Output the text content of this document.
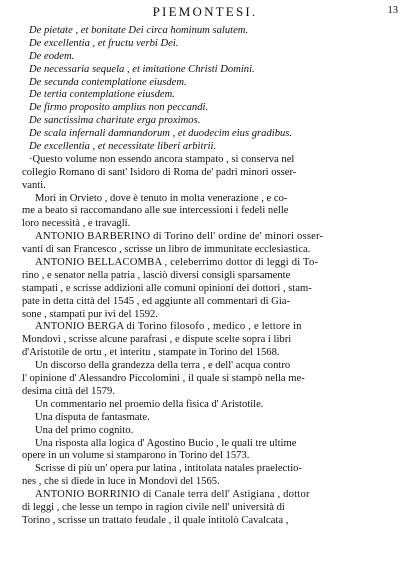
PIEMONTESI.	13
De pietate , et bonitate Dei circa hominum salutem.
De excellentia , et fructu verbi Dei.
De eodem.
De necessaria sequela , et imitatione Christi Domini.
De secunda contemplatione eiusdem.
De tertia contemplatione eiusdem.
De firmo proposito amplius non peccandi.
De sanctissima charitate erga proximos.
De scala infernali damnandorum , et duodecim eius gradibus.
De excellentia , et necessitate liberi arbitrii.
·Questo volume non essendo ancora stampato , si conserva nel
collegio Romano di sant' Isidoro di Roma de' padri minori osser-
vanti.
Morì in Orvieto , dove è tenuto in molta venerazione , e co-
me a beato si raccomandano alle sue intercessioni i fedeli nelle
loro necessità , e travagli.
ANTONIO BARBERINO di Torino dell' ordine de' minori osser-
vanti di san Francesco , scrisse un libro de immunitate ecclesiastica.
ANTONIO BELLACOMBA , celeberrimo dottor di leggi di To-
rino , e senator nella patria , lasciò diversi consigli sparsamente
stampati , e scrisse addizioni alle comuni opinioni dei dottori , stam-
pate in detta città del 1545 , ed aggiunte all commentari di Gia-
sone , stampati pur ivi del 1592.
ANTONIO BERGA di Torino filosofo , medico , e lettore in
Mondovì , scrisse alcune parafrasi , e dispute scelte sopra i libri
d'Aristotile de ortu , et interitu , stampate in Torino del 1568.
Un discorso della grandezza della terra , e dell' acqua contro
l' opinione d' Alessandro Piccolomini , il quale si stampò nella me-
desima città del 1579.
Un commentario nel proemio della fisica d' Aristotile.
Una disputa de fantasmate.
Una del primo cognito.
Una risposta alla logica d' Agostino Bucio , le quali tre ultime
opere in un volume si stamparono in Torino del 1573.
Scrisse di più un' opera pur latina , intitolata natales praelectio-
nes , che si diede in luce in Mondovì del 1565.
ANTONIO BORRINIO di Canale terra dell' Astigiana , dottor
di leggi , che lesse un tempo in ragion civile nell' università di
Torino , scrisse un trattato feudale , il quale intitolò Cavalcata ,
